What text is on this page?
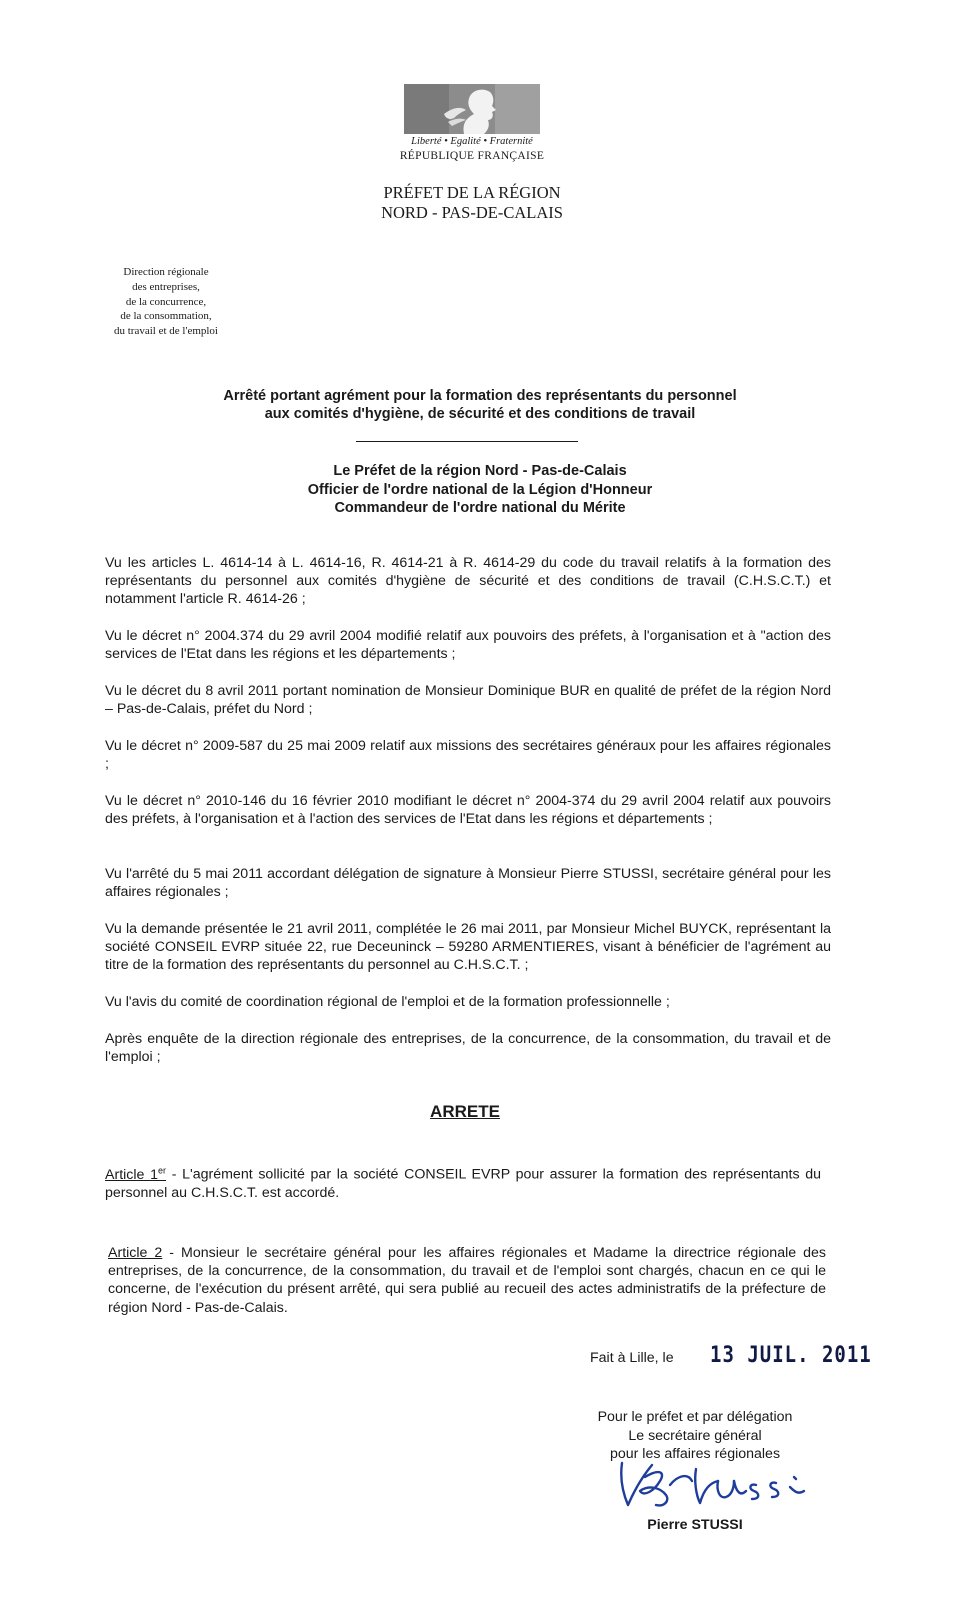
Liberté • Egalité • Fraternité
RÉPUBLIQUE FRANÇAISE
PRÉFET DE LA RÉGION
NORD - PAS-DE-CALAIS
Direction régionale
des entreprises,
de la concurrence,
de la consommation,
du travail et de l'emploi
Arrêté portant agrément pour la formation des représentants du personnel
aux comités d'hygiène, de sécurité et des conditions de travail
Le Préfet de la région Nord - Pas-de-Calais
Officier de l'ordre national de la Légion d'Honneur
Commandeur de l'ordre national du Mérite
Vu les articles L. 4614-14 à L. 4614-16, R. 4614-21 à R. 4614-29 du code du travail relatifs à la formation des représentants du personnel aux comités d'hygiène de sécurité et des conditions de travail (C.H.S.C.T.) et notamment l'article R. 4614-26 ;
Vu le décret n° 2004.374 du 29 avril 2004 modifié relatif aux pouvoirs des préfets, à l'organisation et à "action des services de l'Etat dans les régions et les départements ;
Vu le décret du 8 avril 2011 portant nomination de Monsieur Dominique BUR en qualité de préfet de la région Nord – Pas-de-Calais, préfet du Nord ;
Vu le décret n° 2009-587 du 25 mai 2009 relatif aux missions des secrétaires généraux pour les affaires régionales ;
Vu le décret n° 2010-146 du 16 février 2010 modifiant le décret n° 2004-374 du 29 avril 2004 relatif aux pouvoirs des préfets, à l'organisation et à l'action des services de l'Etat dans les régions et départements ;
Vu l'arrêté du 5 mai 2011 accordant délégation de signature à Monsieur Pierre STUSSI, secrétaire général pour les affaires régionales ;
Vu la demande présentée le 21 avril 2011, complétée le 26 mai 2011, par Monsieur Michel BUYCK, représentant la société CONSEIL EVRP située 22, rue Deceuninck – 59280 ARMENTIERES, visant à bénéficier de l'agrément au titre de la formation des représentants du personnel au C.H.S.C.T. ;
Vu l'avis du comité de coordination régional de l'emploi et de la formation professionnelle ;
Après enquête de la direction régionale des entreprises, de la concurrence, de la consommation, du travail et de l'emploi ;
ARRETE
Article 1er - L'agrément sollicité par la société CONSEIL EVRP pour assurer la formation des représentants du personnel au C.H.S.C.T. est accordé.
Article 2 - Monsieur le secrétaire général pour les affaires régionales et Madame la directrice régionale des entreprises, de la concurrence, de la consommation, du travail et de l'emploi sont chargés, chacun en ce qui le concerne, de l'exécution du présent arrêté, qui sera publié au recueil des actes administratifs de la préfecture de région Nord - Pas-de-Calais.
Fait à Lille, le 13 JUIL. 2011
Pour le préfet et par délégation
Le secrétaire général
pour les affaires régionales
Pierre STUSSI
